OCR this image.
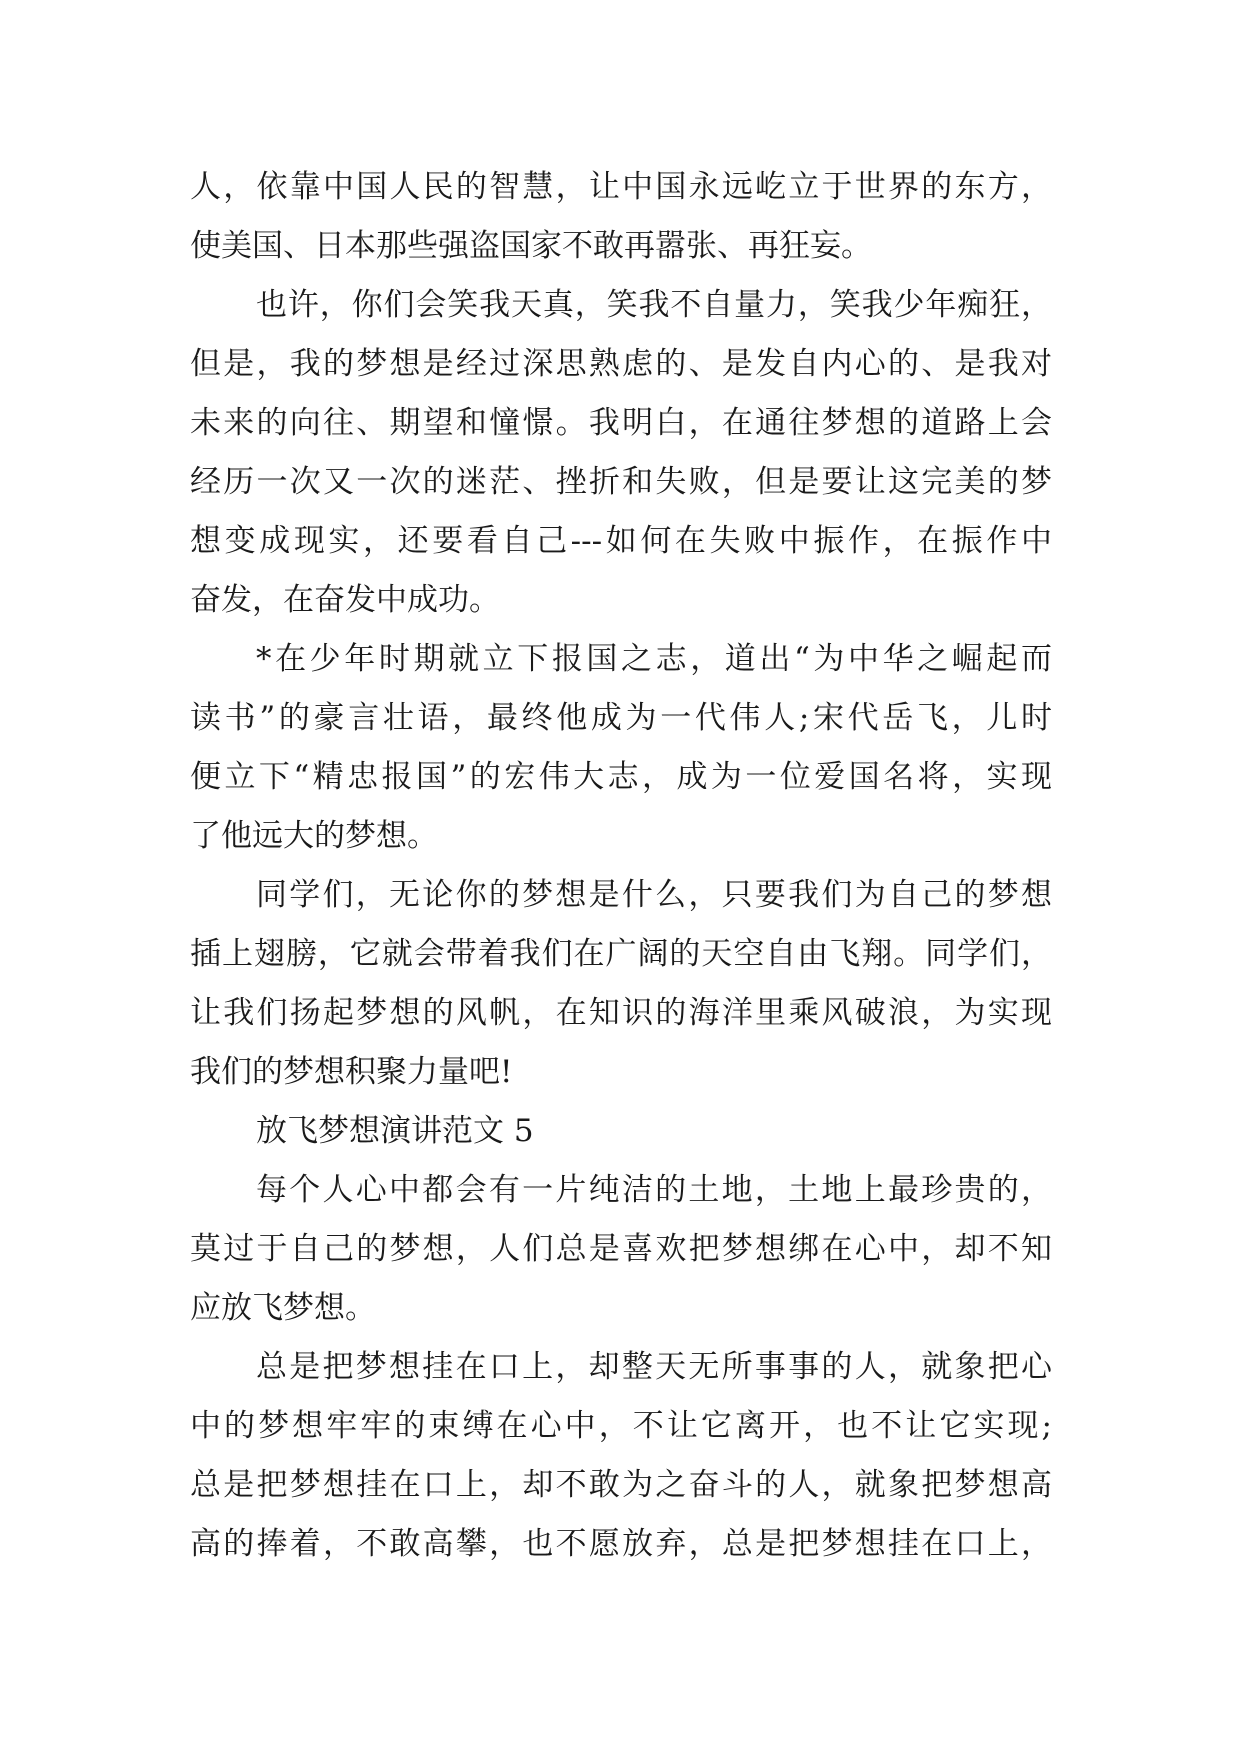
人，依靠中国人民的智慧，让中国永远屹立于世界的东方，
使美国、日本那些强盗国家不敢再嚣张、再狂妄。
也许，你们会笑我天真，笑我不自量力，笑我少年痴狂，
但是，我的梦想是经过深思熟虑的、是发自内心的、是我对
未来的向往、期望和憧憬。我明白，在通往梦想的道路上会
经历一次又一次的迷茫、挫折和失败，但是要让这完美的梦
想变成现实，还要看自己---如何在失败中振作，在振作中
奋发，在奋发中成功。
*在少年时期就立下报国之志，道出“为中华之崛起而
读书”的豪言壮语，最终他成为一代伟人;宋代岳飞，儿时
便立下“精忠报国”的宏伟大志，成为一位爱国名将，实现
了他远大的梦想。
同学们，无论你的梦想是什么，只要我们为自己的梦想
插上翅膀，它就会带着我们在广阔的天空自由飞翔。同学们，
让我们扬起梦想的风帆，在知识的海洋里乘风破浪，为实现
我们的梦想积聚力量吧!
放飞梦想演讲范文 5
每个人心中都会有一片纯洁的土地，土地上最珍贵的，
莫过于自己的梦想，人们总是喜欢把梦想绑在心中，却不知
应放飞梦想。
总是把梦想挂在口上，却整天无所事事的人，就象把心
中的梦想牢牢的束缚在心中，不让它离开，也不让它实现;
总是把梦想挂在口上，却不敢为之奋斗的人，就象把梦想高
高的捧着，不敢高攀，也不愿放弃，总是把梦想挂在口上，
